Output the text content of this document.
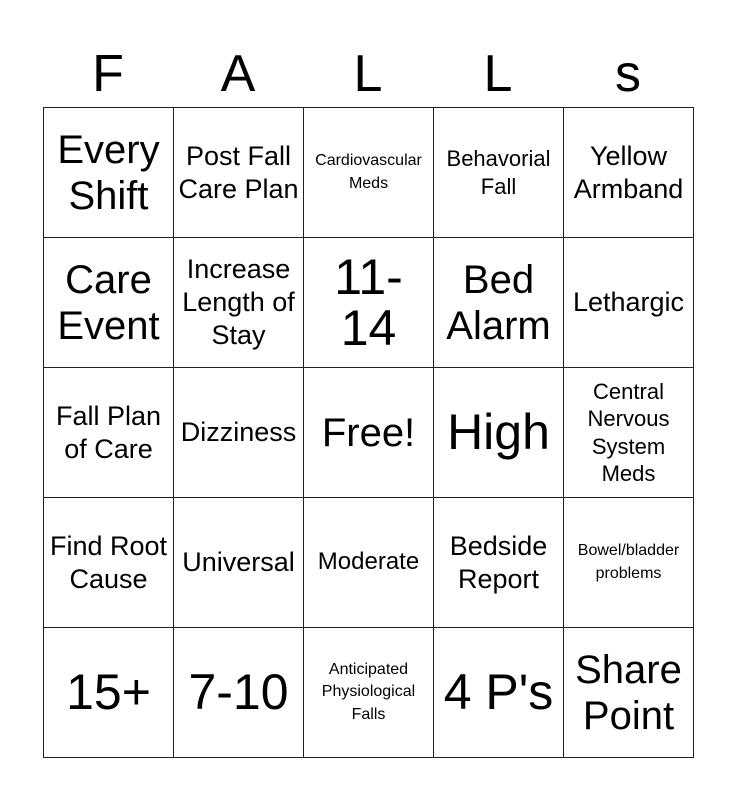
F	A	L	L	s
Every Shift	Post Fall Care Plan	Cardiovascular Meds	Behavorial Fall	Yellow Armband
Care Event	Increase Length of Stay	11-14	Bed Alarm	Lethargic
Fall Plan of Care	Dizziness	Free!	High	Central Nervous System Meds
Find Root Cause	Universal	Moderate	Bedside Report	Bowel/bladder problems
15+	7-10	Anticipated Physiological Falls	4 P's	Share Point
